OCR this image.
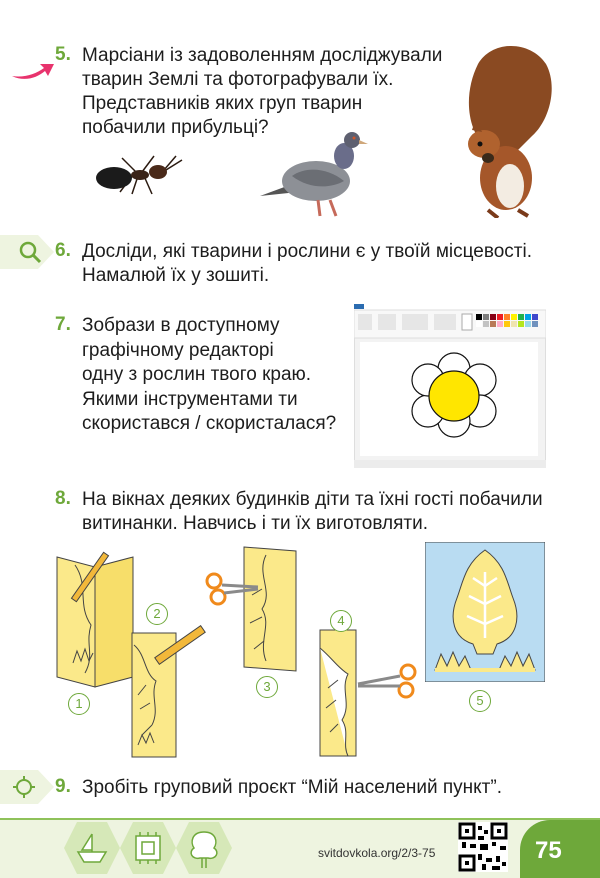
5. Марсіани із задоволенням досліджували
тварин Землі та фотографували їх.
Представників яких груп тварин
побачили прибульці?
6. Досліди, які тварини і рослини є у твоїй місцевості.
Намалюй їх у зошиті.
7. Зобрази в доступному
графічному редакторі
одну з рослин твого краю.
Якими інструментами ти
скористався / скористалася?
8. На вікнах деяких будинків діти та їхні гості побачили
витинанки. Навчись і ти їх виготовляти.
1
2
3
4
5
9. Зробіть груповий проєкт “Мій населений пункт”.
svitdovkola.org/2/3-75	75
